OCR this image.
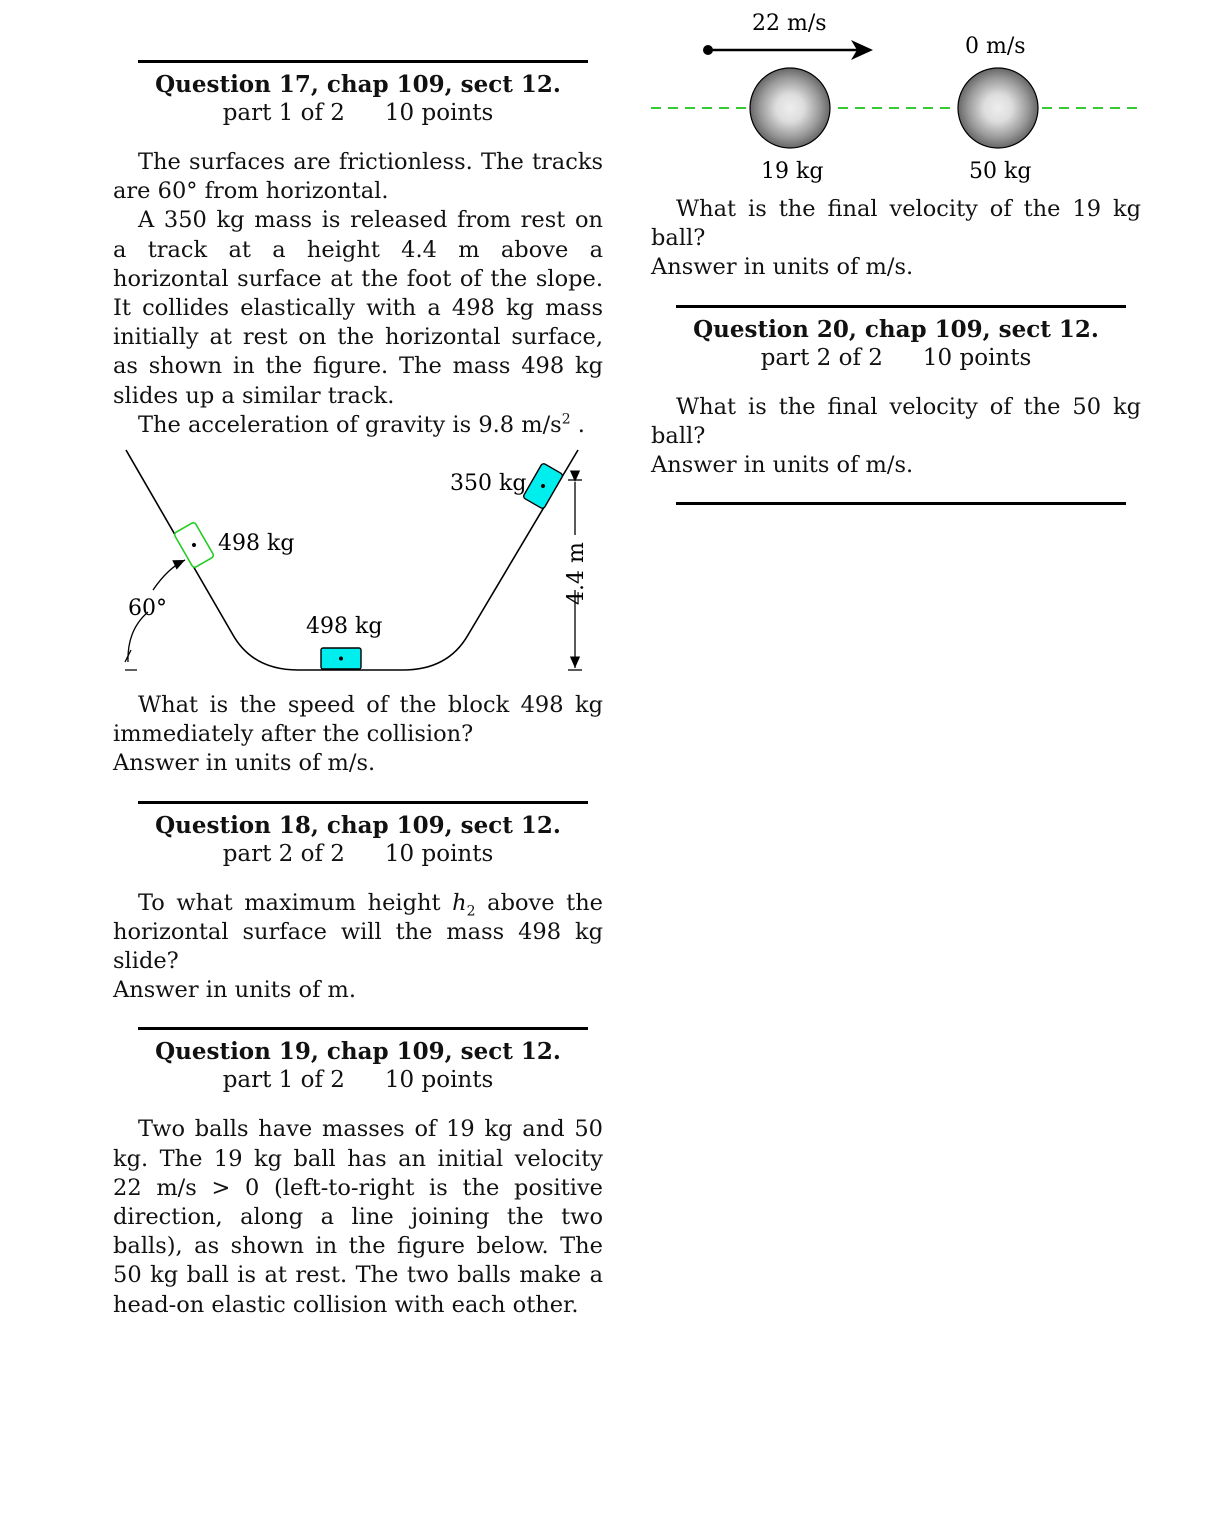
Question 17, chap 109, sect 12.
part 1 of 2 10 points

The surfaces are frictionless. The tracks are 60° from horizontal.

A 350 kg mass is released from rest on a track at a height 4.4 m above a horizontal surface at the foot of the slope. It collides elastically with a 498 kg mass initially at rest on the horizontal surface, as shown in the figure. The mass 498 kg slides up a similar track.

The acceleration of gravity is 9.8 $m/s^2$ .

350 kg
498 kg
498 kg
60°
4.4 m

What is the speed of the block 498 kg immediately after the collision?

Answer in units of m/s.

Question 18, chap 109, sect 12.
part 2 of 2 10 points

To what maximum height $h_2$ above the horizontal surface will the mass 498 kg slide?

Answer in units of m.

Question 19, chap 109, sect 12.
part 1 of 2 10 points

Two balls have masses of 19 kg and 50 kg. The 19 kg ball has an initial velocity 22 m/s > 0 (left-to-right is the positive direction, along a line joining the two balls), as shown in the figure below. The 50 kg ball is at rest. The two balls make a head-on elastic collision with each other.

22 m/s
0 m/s
19 kg	50 kg

What is the final velocity of the 19 kg ball?

Answer in units of m/s.

Question 20, chap 109, sect 12.
part 2 of 2 10 points

What is the final velocity of the 50 kg ball?

Answer in units of m/s.
